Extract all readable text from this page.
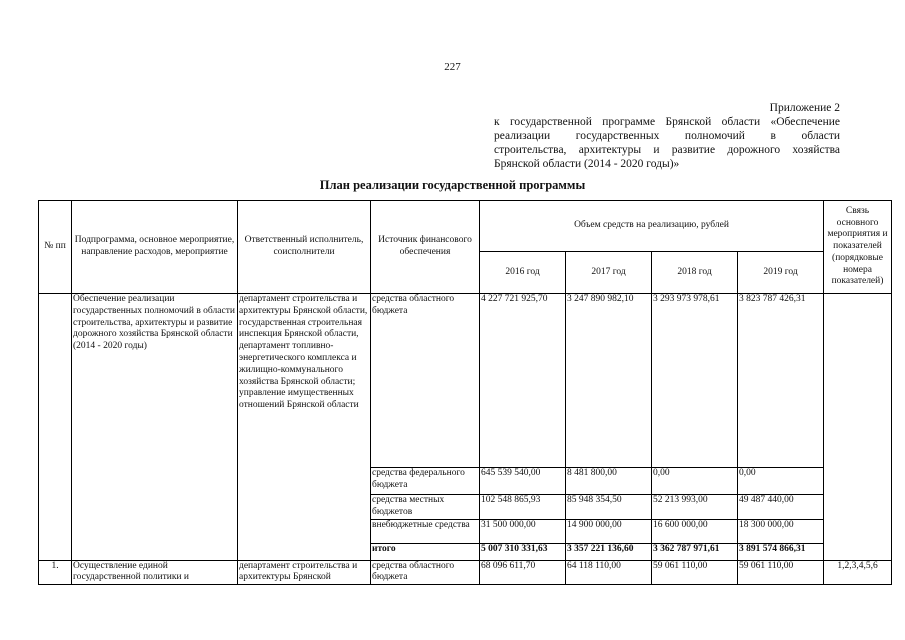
227
Приложение 2
к государственной программе Брянской области «Обеспечение
реализации государственных полномочий в области
строительства, архитектуры и развитие дорожного хозяйства
Брянской области (2014 - 2020 годы)»
План реализации государственной программы
№ пп	Подпрограмма, основное мероприятие, направление расходов, мероприятие	Ответственный исполнитель, соисполнители	Источник финансового обеспечения	Объем средств на реализацию, рублей				Связь основного мероприятия и показателей (порядковые номера показателей)
				2016 год	2017 год	2018 год	2019 год	
	Обеспечение реализации государственных полномочий в области строительства, архитектуры и развитие дорожного хозяйства Брянской области (2014 - 2020 годы)	департамент строительства и архитектуры Брянской области, государственная строительная инспекция Брянской области, департамент топливно-энергетического комплекса и жилищно-коммунального хозяйства Брянской области; управление имущественных отношений Брянской области	средства областного бюджета	4 227 721 925,70	3 247 890 982,10	3 293 973 978,61	3 823 787 426,31	
			средства федерального бюджета	645 539 540,00	8 481 800,00	0,00	0,00	
			средства местных бюджетов	102 548 865,93	85 948 354,50	52 213 993,00	49 487 440,00	
			внебюджетные средства	31 500 000,00	14 900 000,00	16 600 000,00	18 300 000,00	
			итого	5 007 310 331,63	3 357 221 136,60	3 362 787 971,61	3 891 574 866,31	
1.	Осуществление единой государственной политики и	департамент строительства и архитектуры Брянской	средства областного бюджета	68 096 611,70	64 118 110,00	59 061 110,00	59 061 110,00	1,2,3,4,5,6
